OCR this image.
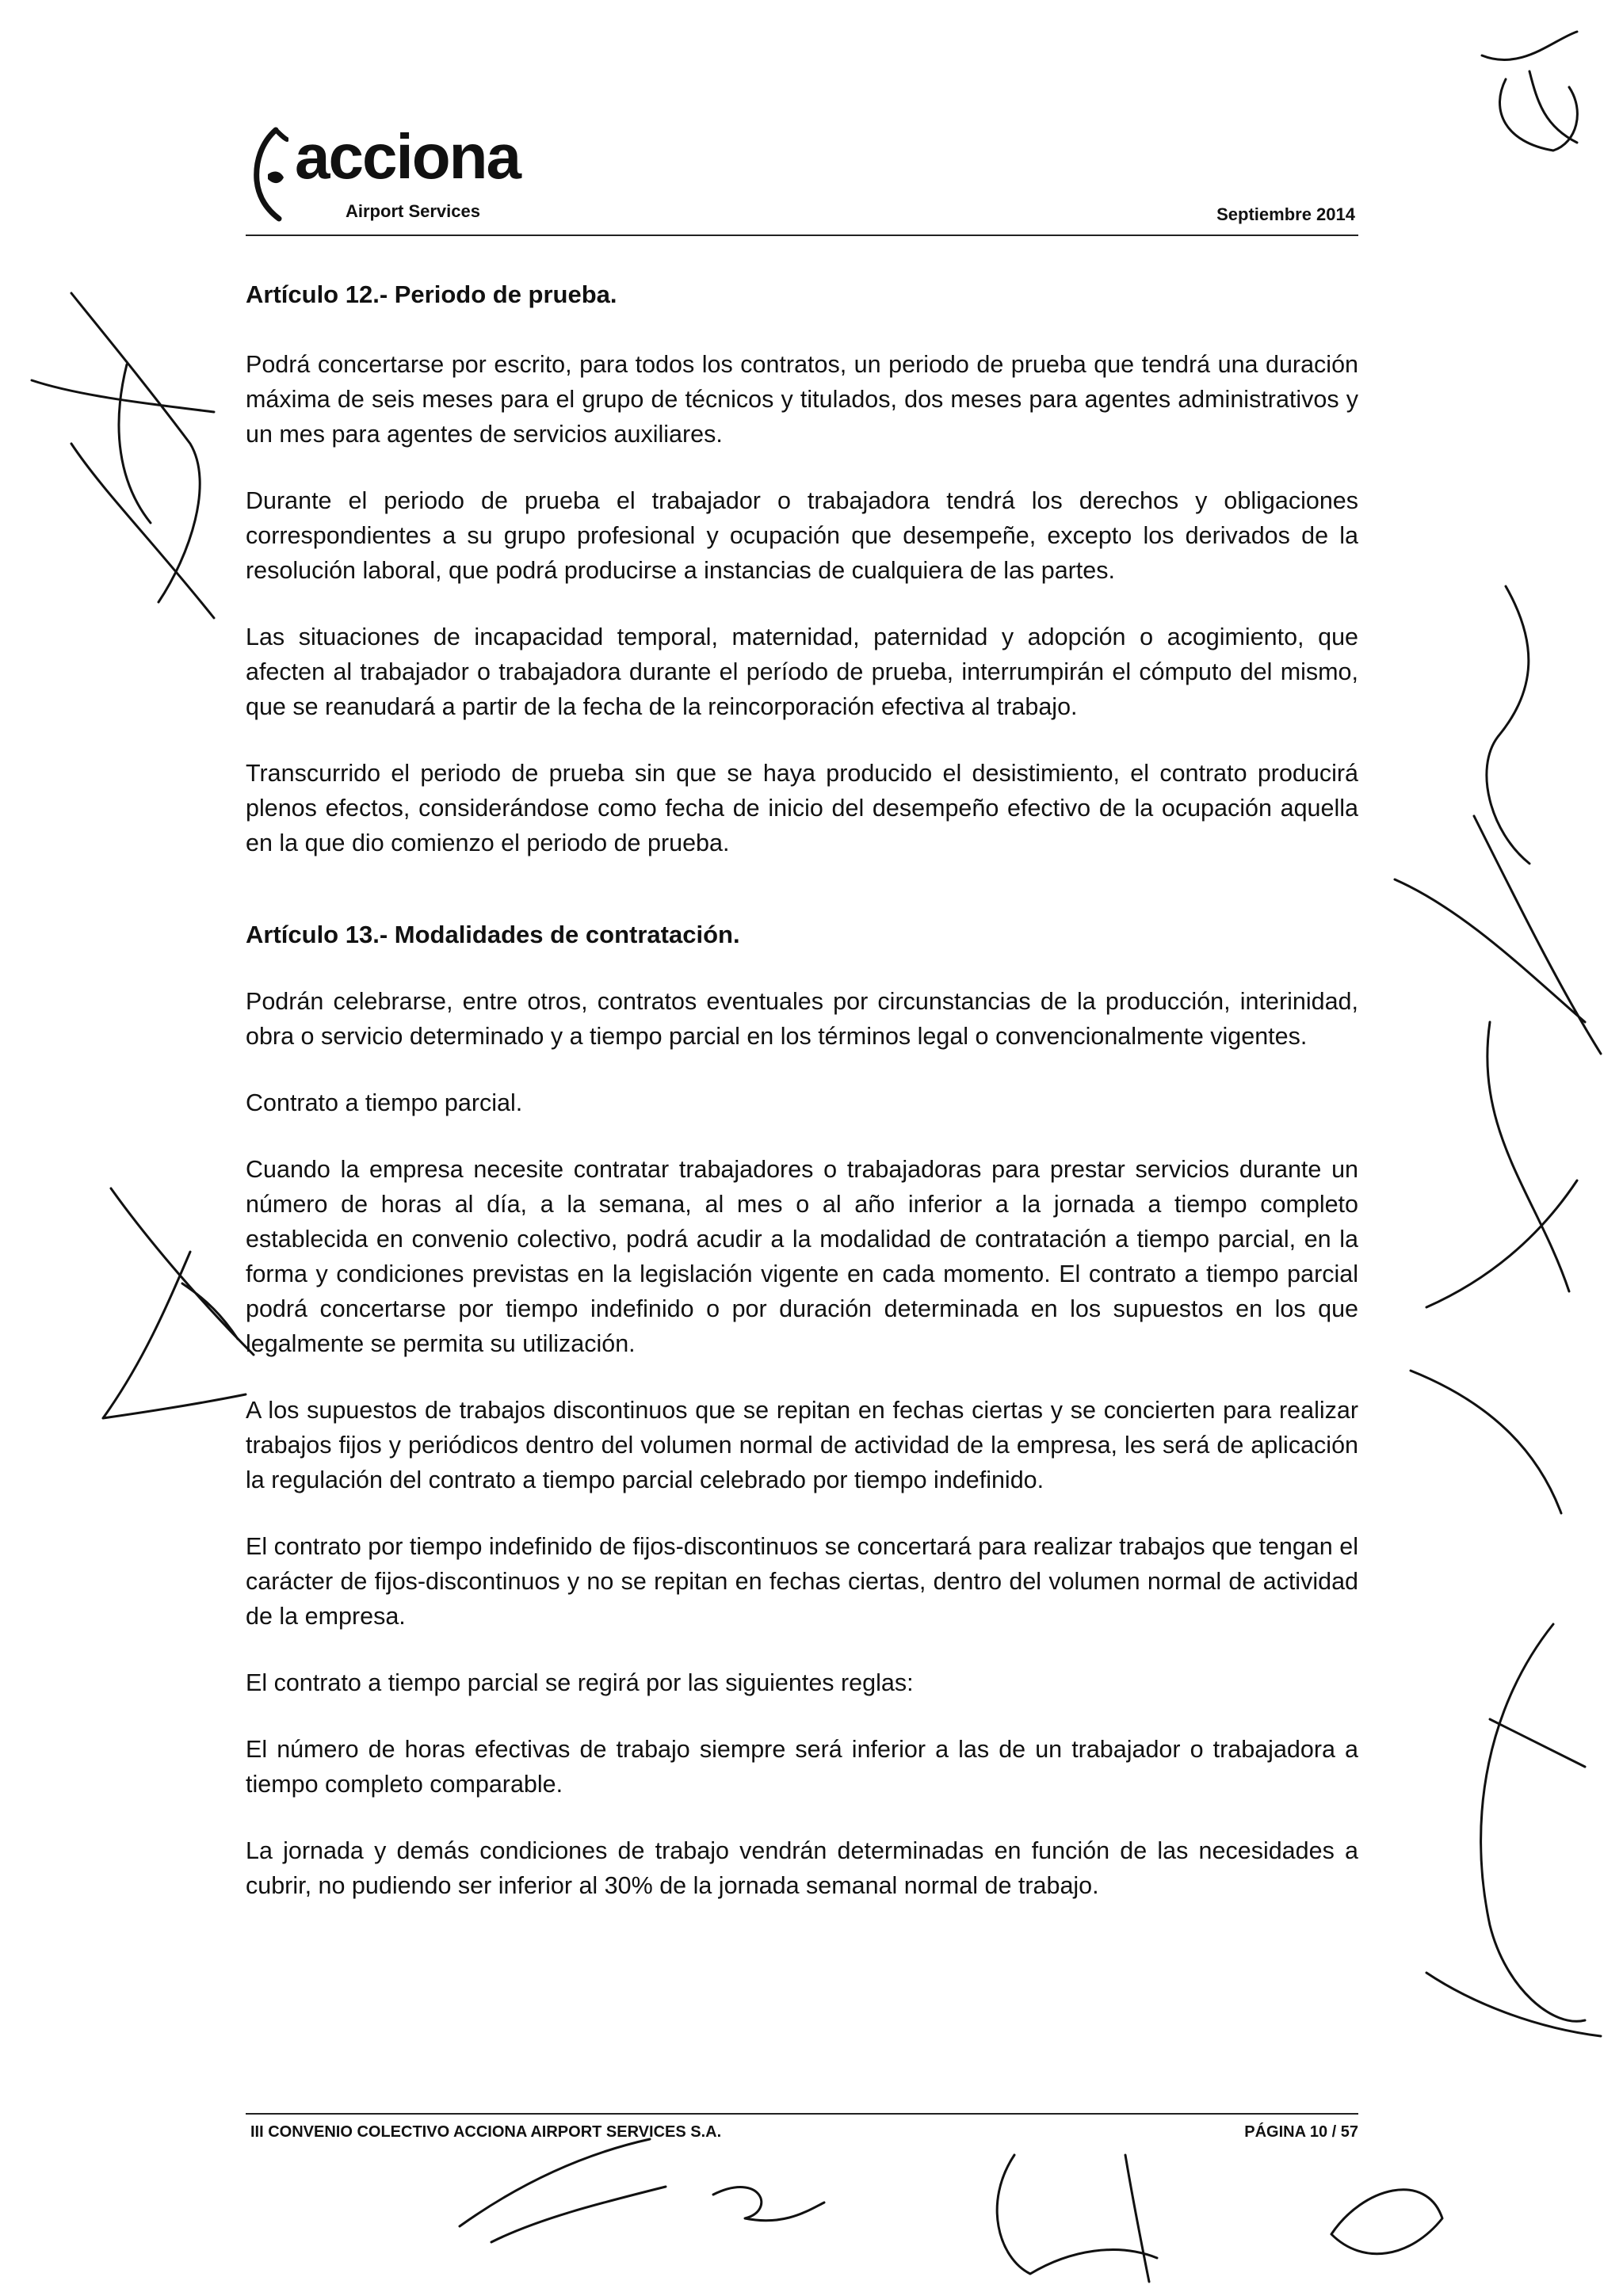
acciona
Airport Services	Septiembre 2014

Artículo 12.- Periodo de prueba.

Podrá concertarse por escrito, para todos los contratos, un periodo de prueba que tendrá una duración máxima de seis meses para el grupo de técnicos y titulados, dos meses para agentes administrativos y un mes para agentes de servicios auxiliares.

Durante el periodo de prueba el trabajador o trabajadora tendrá los derechos y obligaciones correspondientes a su grupo profesional y ocupación que desempeñe, excepto los derivados de la resolución laboral, que podrá producirse a instancias de cualquiera de las partes.

Las situaciones de incapacidad temporal, maternidad, paternidad y adopción o acogimiento, que afecten al trabajador o trabajadora durante el período de prueba, interrumpirán el cómputo del mismo, que se reanudará a partir de la fecha de la reincorporación efectiva al trabajo.

Transcurrido el periodo de prueba sin que se haya producido el desistimiento, el contrato producirá plenos efectos, considerándose como fecha de inicio del desempeño efectivo de la ocupación aquella en la que dio comienzo el periodo de prueba.

Artículo 13.- Modalidades de contratación.

Podrán celebrarse, entre otros, contratos eventuales por circunstancias de la producción, interinidad, obra o servicio determinado y a tiempo parcial en los términos legal o convencionalmente vigentes.

Contrato a tiempo parcial.

Cuando la empresa necesite contratar trabajadores o trabajadoras para prestar servicios durante un número de horas al día, a la semana, al mes o al año inferior a la jornada a tiempo completo establecida en convenio colectivo, podrá acudir a la modalidad de contratación a tiempo parcial, en la forma y condiciones previstas en la legislación vigente en cada momento. El contrato a tiempo parcial podrá concertarse por tiempo indefinido o por duración determinada en los supuestos en los que legalmente se permita su utilización.

A los supuestos de trabajos discontinuos que se repitan en fechas ciertas y se concierten para realizar trabajos fijos y periódicos dentro del volumen normal de actividad de la empresa, les será de aplicación la regulación del contrato a tiempo parcial celebrado por tiempo indefinido.

El contrato por tiempo indefinido de fijos-discontinuos se concertará para realizar trabajos que tengan el carácter de fijos-discontinuos y no se repitan en fechas ciertas, dentro del volumen normal de actividad de la empresa.

El contrato a tiempo parcial se regirá por las siguientes reglas:

El número de horas efectivas de trabajo siempre será inferior a las de un trabajador o trabajadora a tiempo completo comparable.

La jornada y demás condiciones de trabajo vendrán determinadas en función de las necesidades a cubrir, no pudiendo ser inferior al 30% de la jornada semanal normal de trabajo.

III CONVENIO COLECTIVO ACCIONA AIRPORT SERVICES S.A.	PÁGINA 10 / 57
